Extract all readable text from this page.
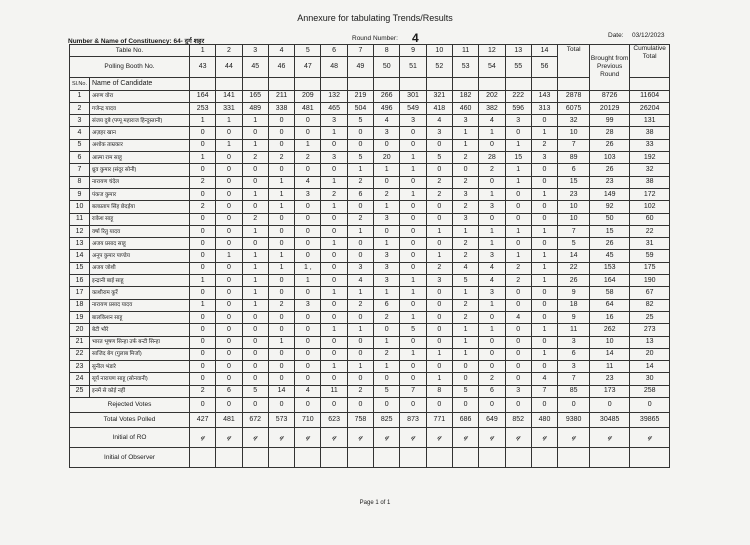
Annexure for tabulating Trends/Results
Number & Name of Constituency: 64- दुर्ग शहर	Round Number: 4	Date: 03/12/2023
Table No.		1	2	3	4	5	6	7	8	9	10	11	12	13	14	Total	Brought from Previous Round	Cumulative Total
Polling Booth No.		43	44	45	46	47	48	49	50	51	52	53	54	55	56			
Sl.No.	Name of Candidate																	
1	अरुण वोरा	164	141	165	211	209	132	219	266	301	321	182	202	222	143	2878	8726	11604
2	गजेन्द्र यादव	253	331	489	338	481	465	504	496	549	418	460	382	596	313	6075	20129	26204
3	संजय दुबे (पप्पू महाराज हिन्दुस्तानी)	1	1	1	0	0	3	5	4	3	4	3	4	3	0	32	99	131
4	अज़हर खान	0	0	0	0	0	1	0	3	0	3	1	1	0	1	10	28	38
5	अशोक ताम्रकार	0	1	1	0	1	0	0	0	0	0	1	0	1	2	7	26	33
6	आत्मा राम साहू	1	0	2	2	2	3	5	20	1	5	2	28	15	3	89	103	192
7	ध्रुव कुमार (संदूर सोनी)	0	0	0	0	0	0	1	1	1	0	0	2	1	0	6	26	32
8	नारायण चंदेल	2	0	0	1	4	1	2	0	0	2	2	0	1	0	15	23	38
9	पंकज कुमार	0	0	1	1	3	2	6	2	1	2	3	1	0	1	23	149	172
10	बलप्रताप सिंह छेदईया	2	0	0	1	0	1	0	1	0	0	2	3	0	0	10	92	102
11	राकेश साहू	0	0	2	0	0	0	2	3	0	0	3	0	0	0	10	50	60
12	वर्षा रितु यादव	0	0	1	0	0	0	1	0	0	1	1	1	1	1	7	15	22
13	अजय प्रसाद साहू	0	0	0	0	0	1	0	1	0	0	2	1	0	0	5	26	31
14	अनूप कुमार पाण्डेय	0	1	1	1	0	0	0	3	0	1	2	3	1	1	14	45	59
15	अजय जोशी	0	0	1	1	1 ,	0	3	3	0	2	4	4	2	1	22	153	175
16	इन्द्रानी बाई साहू	1	0	1	0	1	0	4	3	1	3	5	4	2	1	26	164	190
17	काशीराम कुर्रे	0	0	1	0	0	1	1	1	1	0	1	3	0	0	9	58	67
18	नारायण प्रसाद यादव	1	0	1	2	3	0	2	6	0	0	2	1	0	0	18	64	82
19	बालकिशन साहू	0	0	0	0	0	0	0	2	1	0	2	0	4	0	9	16	25
20	बेटी भौरे	0	0	0	0	0	1	1	0	5	0	1	1	0	1	11	262	273
21	भारत भूषण सिन्हा उर्फ बन्टी सिन्हा	0	0	0	1	0	0	0	1	0	0	1	0	0	0	3	10	13
22	साजिद बेग (गुलाब मिर्जा)	0	0	0	0	0	0	0	2	1	1	1	0	0	1	6	14	20
23	सुनील भंडारे	0	0	0	0	0	1	1	1	0	0	0	0	0	0	3	11	14
24	सूर्य नारायण साहू (सोनवानी)	0	0	0	0	0	0	0	0	0	1	0	2	0	4	7	23	30
25	इनमें से कोई नहीं	2	6	5	14	4	11	2	5	7	8	5	6	3	7	85	173	258
Rejected Votes		0	0	0	0	0	0	0	0	0	0	0	0	0	0	0	0	0
Total Votes Polled		427	481	672	573	710	623	758	825	873	771	686	649	852	480	9380	30485	39865
Initial of RO		𝓆	𝓆	𝓆	𝓆	𝓆	𝓆	𝓆	𝓆	𝓆	𝓆	𝓆	𝓆	𝓆	𝓆	𝓆	𝓆	𝓆
Initial of Observer																		
Page 1 of 1
